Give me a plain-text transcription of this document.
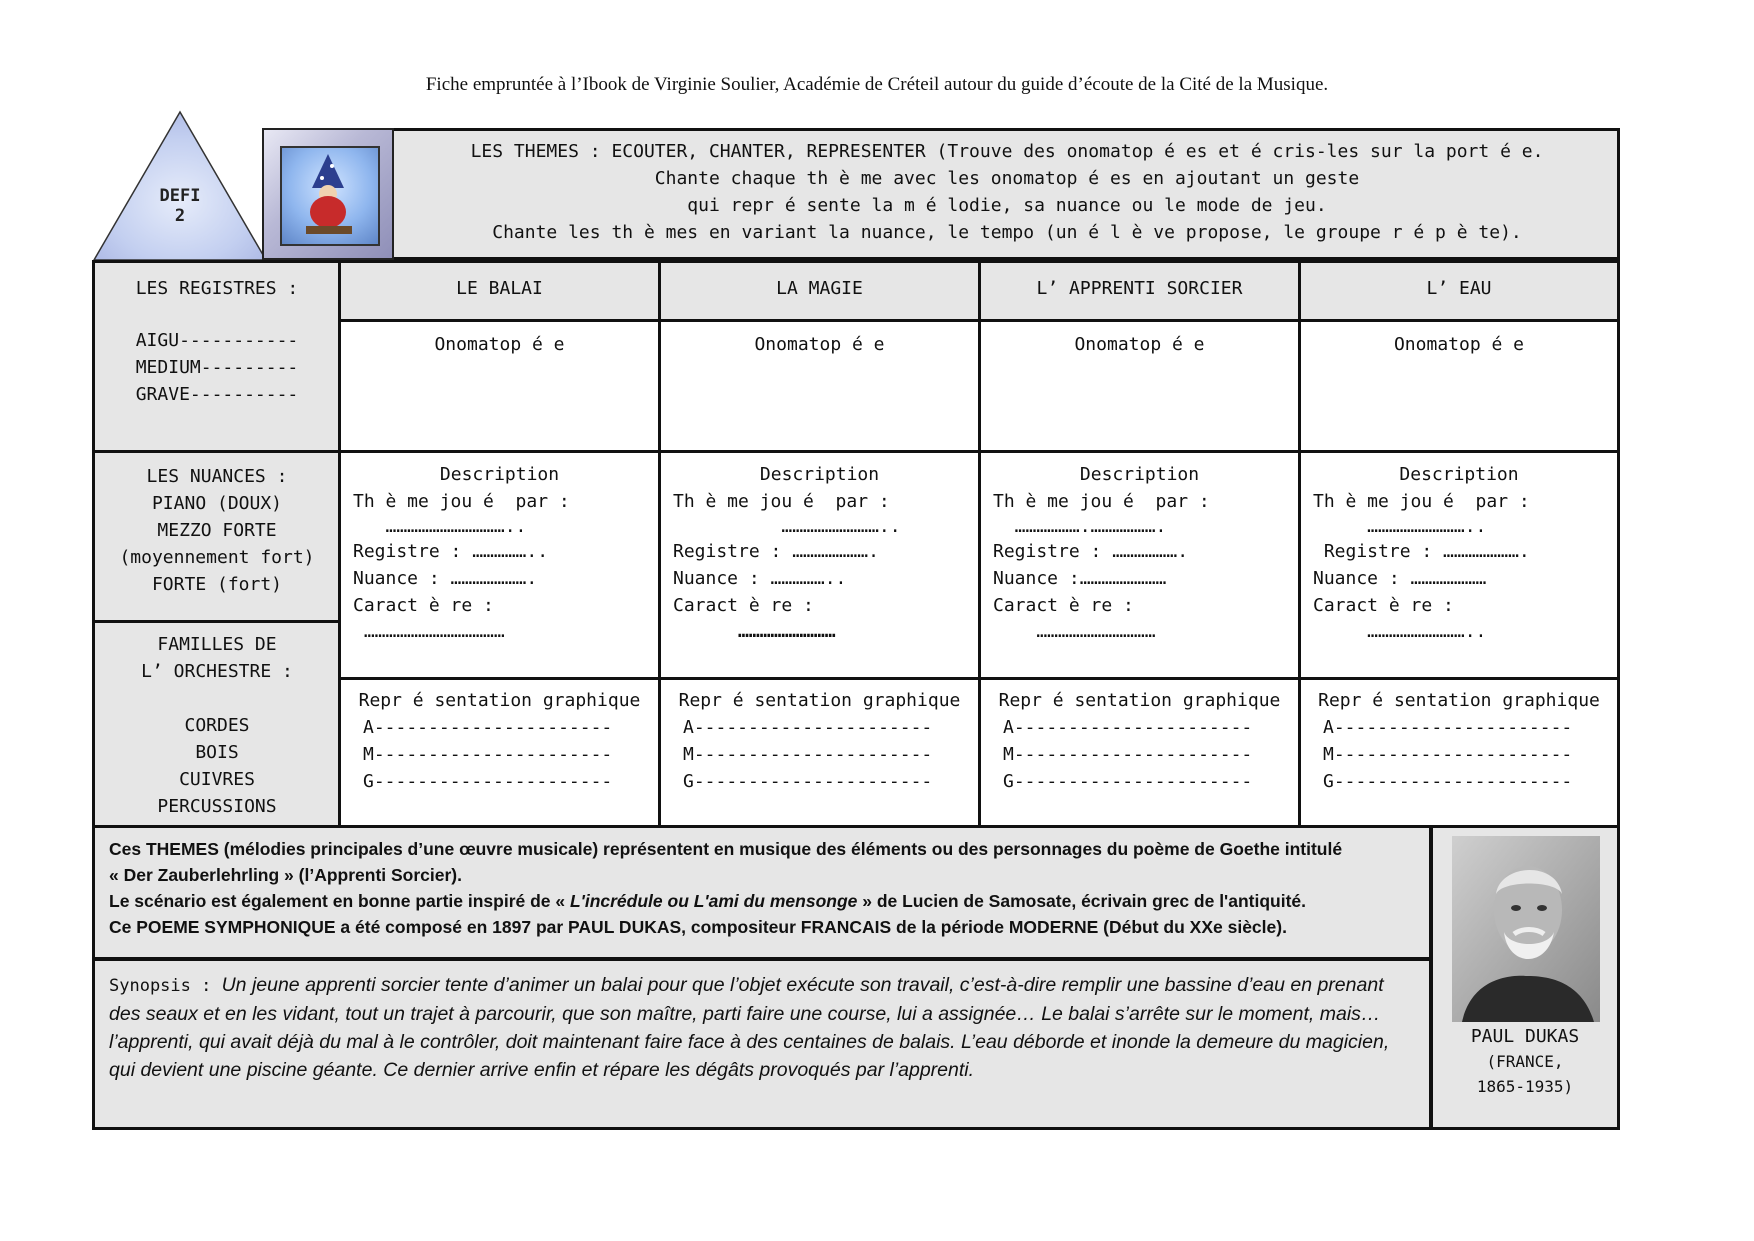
Fiche empruntée à l’Ibook de Virginie Soulier, Académie de Créteil autour du guide d’écoute de la Cité de la Musique.
DEFI
2
LES THEMES : ECOUTER, CHANTER, REPRESENTER (Trouve des onomatop é es et é cris-les sur la port é e.
Chante chaque th è me avec les onomatop é es en ajoutant un geste
qui repr é sente la m é lodie, sa nuance ou le mode de jeu.
Chante les th è mes en variant la nuance, le tempo (un é l è ve propose, le groupe r é p è te).
LES REGISTRES :
AIGU-----------
MEDIUM---------
GRAVE----------
LES NUANCES :
PIANO (DOUX)
MEZZO FORTE
(moyennement fort)
FORTE (fort)
FAMILLES DE
L’ ORCHESTRE :
CORDES
BOIS
CUIVRES
PERCUSSIONS
LE BALAI
Onomatop é e
Description
Th è me jou é  par :
……………………………..
Registre : ……………..
Nuance : ………………….
Caract è re :
…………………………………
Repr é sentation graphique
A----------------------
M----------------------
G----------------------
LA MAGIE
Onomatop é e
Description
Th è me jou é  par :
………………………..
Registre : ………………….
Nuance : ……………..
Caract è re :
………………………
Repr é sentation graphique
A----------------------
M----------------------
G----------------------
L’ APPRENTI SORCIER
Onomatop é e
Description
Th è me jou é  par :
……………….……………….
Registre : ……………….
Nuance :……………………
Caract è re :
……………………………
Repr é sentation graphique
A----------------------
M----------------------
G----------------------
L’ EAU
Onomatop é e
Description
Th è me jou é  par :
………………………..
Registre : ………………….
Nuance : …………………
Caract è re :
………………………..
Repr é sentation graphique
A----------------------
M----------------------
G----------------------
Ces THEMES (mélodies principales d’une œuvre musicale) représentent en musique des éléments ou des personnages du poème de Goethe intitulé
« Der Zauberlehrling » (l’Apprenti Sorcier).
Le scénario est également en bonne partie inspiré de « L'incrédule ou L'ami du mensonge » de Lucien de Samosate, écrivain grec de l'antiquité.
Ce POEME SYMPHONIQUE a été composé en 1897 par PAUL DUKAS, compositeur FRANCAIS de la période MODERNE (Début du XXe siècle).
Synopsis : Un jeune apprenti sorcier tente d’animer un balai pour que l’objet exécute son travail, c’est-à-dire remplir une bassine d’eau en prenant des seaux et en les vidant, tout un trajet à parcourir, que son maître, parti faire une course, lui a assignée… Le balai s’arrête sur le moment, mais…l’apprenti, qui avait déjà du mal à le contrôler, doit maintenant faire face à des centaines de balais. L’eau déborde et inonde la demeure du magicien, qui devient une piscine géante. Ce dernier arrive enfin et répare les dégâts provoqués par l’apprenti.
PAUL DUKAS
(FRANCE,
1865-1935)
